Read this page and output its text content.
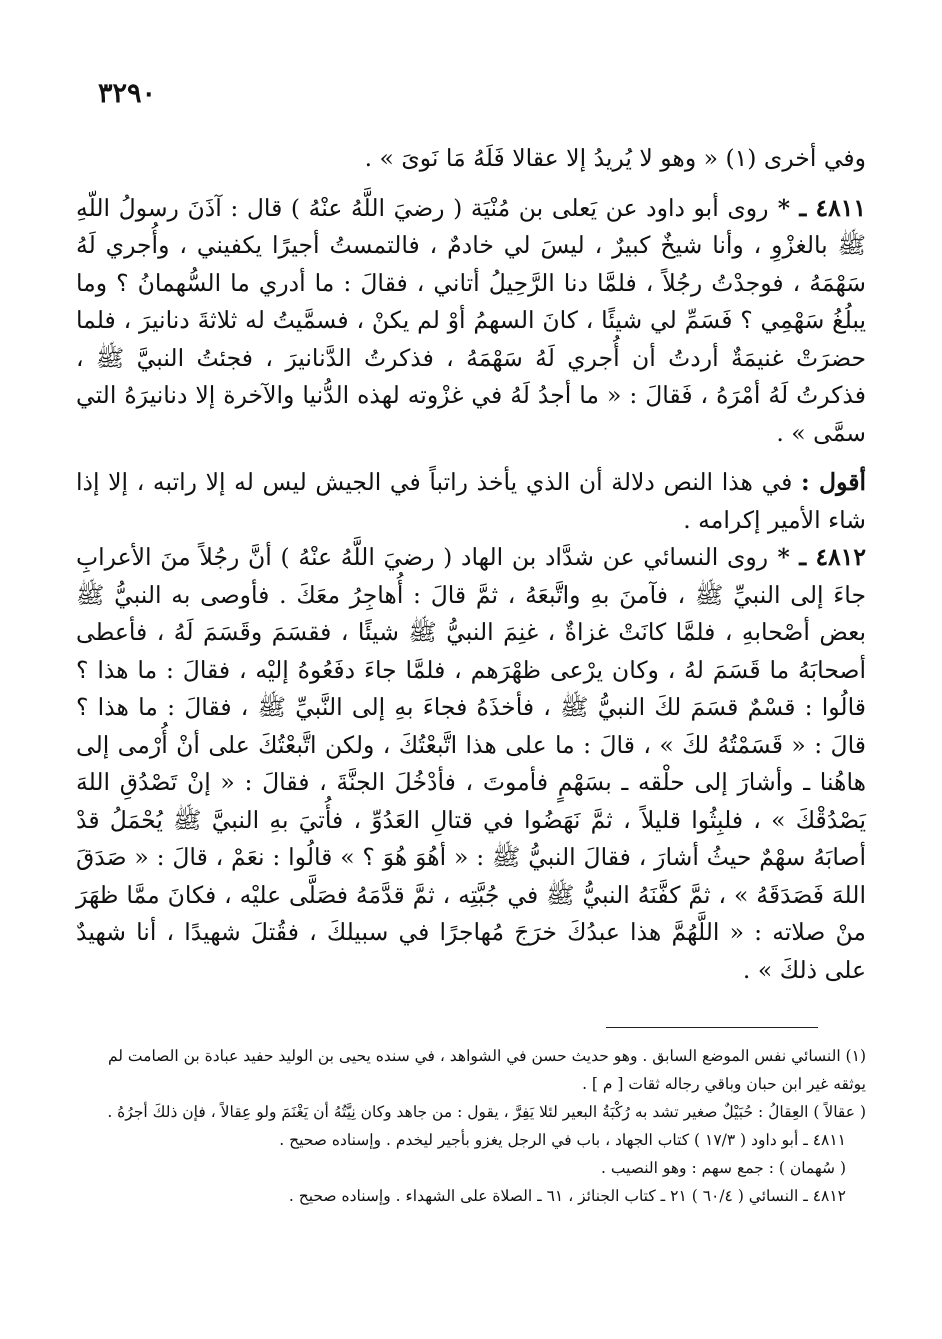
٣٢٩٠

وفي أخرى (١) « وهو لا يُريدُ إلا عقالا فَلَهُ مَا نَوىَ » .

٤٨١١ ـ * روى أبو داود عن يَعلى بن مُنْيَة ( رضيَ اللَّهُ عنْهُ ) قال : آذَنَ رسولُ اللّهِ ﷺ بالغزْوِ ، وأنا شيخٌ كبيرٌ ، ليسَ لي خادمٌ ، فالتمستُ أجيرًا يكفيني ، وأُجري لَهُ سَهْمَهُ ، فوجدْتُ رجُلاً ، فلمَّا دنا الرَّحِيلُ أتاني ، فقالَ : ما أدري ما السُّهمانُ ؟ وما يبلُغُ سَهْمِي ؟ فَسَمِّ لي شيئًا ، كانَ السهمُ أوْ لم يكنْ ، فسمَّيتُ له ثلاثةَ دنانيرَ ، فلما حضرَتْ غنيمَةٌ أردتُ أن أُجري لَهُ سَهْمَهُ ، فذكرتُ الدَّنانيرَ ، فجئتُ النبيَّ ﷺ ، فذكرتُ لَهُ أمْرَهُ ، فَقالَ : « ما أجدُ لَهُ في غزْوته لهذه الدُّنيا والآخرة إلا دنانيرَهُ التي سمَّى » .

أقول : في هذا النص دلالة أن الذي يأخذ راتباً في الجيش ليس له إلا راتبه ، إلا إذا شاء الأمير إكرامه .

٤٨١٢ ـ * روى النسائي عن شدَّاد بن الهاد ( رضيَ اللَّهُ عنْهُ ) أنَّ رجُلاً منَ الأعرابِ جاءَ إلى النبيِّ ﷺ ، فآمنَ بهِ واتَّبعَهُ ، ثمَّ قالَ : أُهاجِرُ معَكَ . فأوصى به النبيُّ ﷺ بعض أصْحابهِ ، فلمَّا كانَتْ غزاةٌ ، غنِمَ النبيُّ ﷺ شيئًا ، فقسَمَ وقَسَمَ لَهُ ، فأعطى أصحابَهُ ما قَسَمَ لهُ ، وكان يرْعى ظهْرَهم ، فلمَّا جاءَ دفَعُوهُ إليْه ، فقالَ : ما هذا ؟ قالُوا : قسْمٌ قسَمَ لكَ النبيُّ ﷺ ، فأخذَهُ فجاءَ بهِ إلى النَّبيِّ ﷺ ، فقالَ : ما هذا ؟ قالَ : « قَسَمْتُهُ لكَ » ، قالَ : ما على هذا اتَّبعْتُكَ ، ولكن اتَّبعْتُكَ على أنْ أُرْمى إلى هاهُنا ـ وأشارَ إلى حلْقه ـ بسَهْمٍ فأموتَ ، فأدْخُلَ الجنَّةَ ، فقالَ : « إنْ تَصْدُقِ اللهَ يَصْدُقْكَ » ، فلبِثُوا قليلاً ، ثمَّ نَهَضُوا في قتالِ العَدُوِّ ، فأُتيَ بهِ النبيَّ ﷺ يُحْمَلُ قدْ أصابَهُ سهْمٌ حيثُ أشارَ ، فقالَ النبيُّ ﷺ : « أهُوَ هُوَ ؟ » قالُوا : نعَمْ ، قالَ : « صَدَقَ اللهَ فَصَدَقَهُ » ، ثمَّ كفَّنَهُ النبيُّ ﷺ في جُبَّتِه ، ثمَّ قدَّمَهُ فصَلَّى عليْه ، فكانَ ممَّا ظهَرَ منْ صلاته : « اللَّهُمَّ هذا عبدُكَ خرَجَ مُهاجرًا في سبيلكَ ، فقُتلَ شهيدًا ، أنا شهيدٌ على ذلكَ » .

(١) النسائي نفس الموضع السابق . وهو حديث حسن في الشواهد ، في سنده يحيى بن الوليد حفيد عبادة بن الصامت لم يوثقه غير ابن حبان وباقي رجاله ثقات [ م ] .

( عقالاً ) العِقالُ : حُبَيْلٌ صغير تشد به رُكْبَةُ البعير لئلا يَفِرَّ ، يقول : من جاهد وكان نِيَّتُهُ أن يَغْنَمَ ولو عِقالاً ، فإن ذلكَ أجرُهُ .

٤٨١١ ـ أبو داود ( ١٧/٣ ) كتاب الجهاد ، باب في الرجل يغزو بأجير ليخدم . وإسناده صحيح .

( سُهمان ) : جمع سهم : وهو النصيب .

٤٨١٢ ـ النسائي ( ٦٠/٤ ) ٢١ ـ كتاب الجنائز ، ٦١ ـ الصلاة على الشهداء . وإسناده صحيح .
